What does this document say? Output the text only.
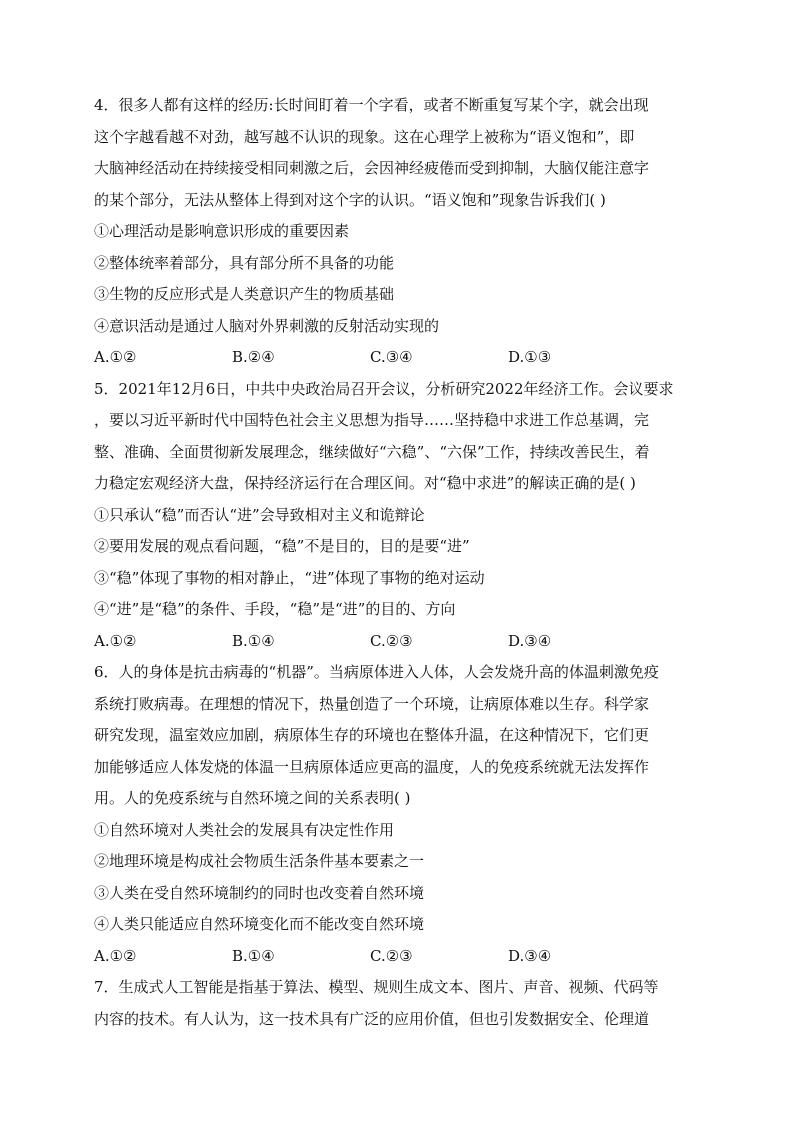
4．很多人都有这样的经历:长时间盯着一个字看，或者不断重复写某个字，就会出现
这个字越看越不对劲，越写越不认识的现象。这在心理学上被称为“语义饱和”，即
大脑神经活动在持续接受相同刺激之后，会因神经疲倦而受到抑制，大脑仅能注意字
的某个部分，无法从整体上得到对这个字的认识。“语义饱和”现象告诉我们( )
①心理活动是影响意识形成的重要因素
②整体统率着部分，具有部分所不具备的功能
③生物的反应形式是人类意识产生的物质基础
④意识活动是通过人脑对外界刺激的反射活动实现的
A.①②	B.②④	C.③④	D.①③
5．2021年12月6日，中共中央政治局召开会议，分析研究2022年经济工作。会议要求
，要以习近平新时代中国特色社会主义思想为指导……坚持稳中求进工作总基调，完
整、准确、全面贯彻新发展理念，继续做好“六稳”、“六保”工作，持续改善民生，着
力稳定宏观经济大盘，保持经济运行在合理区间。对“稳中求进”的解读正确的是( )
①只承认“稳”而否认“进”会导致相对主义和诡辩论
②要用发展的观点看问题，“稳”不是目的，目的是要“进”
③“稳”体现了事物的相对静止，“进”体现了事物的绝对运动
④“进”是“稳”的条件、手段，“稳”是“进”的目的、方向
A.①②	B.①④	C.②③	D.③④
6．人的身体是抗击病毒的“机器”。当病原体进入人体，人会发烧升高的体温刺激免疫
系统打败病毒。在理想的情况下，热量创造了一个环境，让病原体难以生存。科学家
研究发现，温室效应加剧，病原体生存的环境也在整体升温，在这种情况下，它们更
加能够适应人体发烧的体温一旦病原体适应更高的温度，人的免疫系统就无法发挥作
用。人的免疫系统与自然环境之间的关系表明( )
①自然环境对人类社会的发展具有决定性作用
②地理环境是构成社会物质生活条件基本要素之一
③人类在受自然环境制约的同时也改变着自然环境
④人类只能适应自然环境变化而不能改变自然环境
A.①②	B.①④	C.②③	D.③④
7．生成式人工智能是指基于算法、模型、规则生成文本、图片、声音、视频、代码等
内容的技术。有人认为，这一技术具有广泛的应用价值，但也引发数据安全、伦理道
